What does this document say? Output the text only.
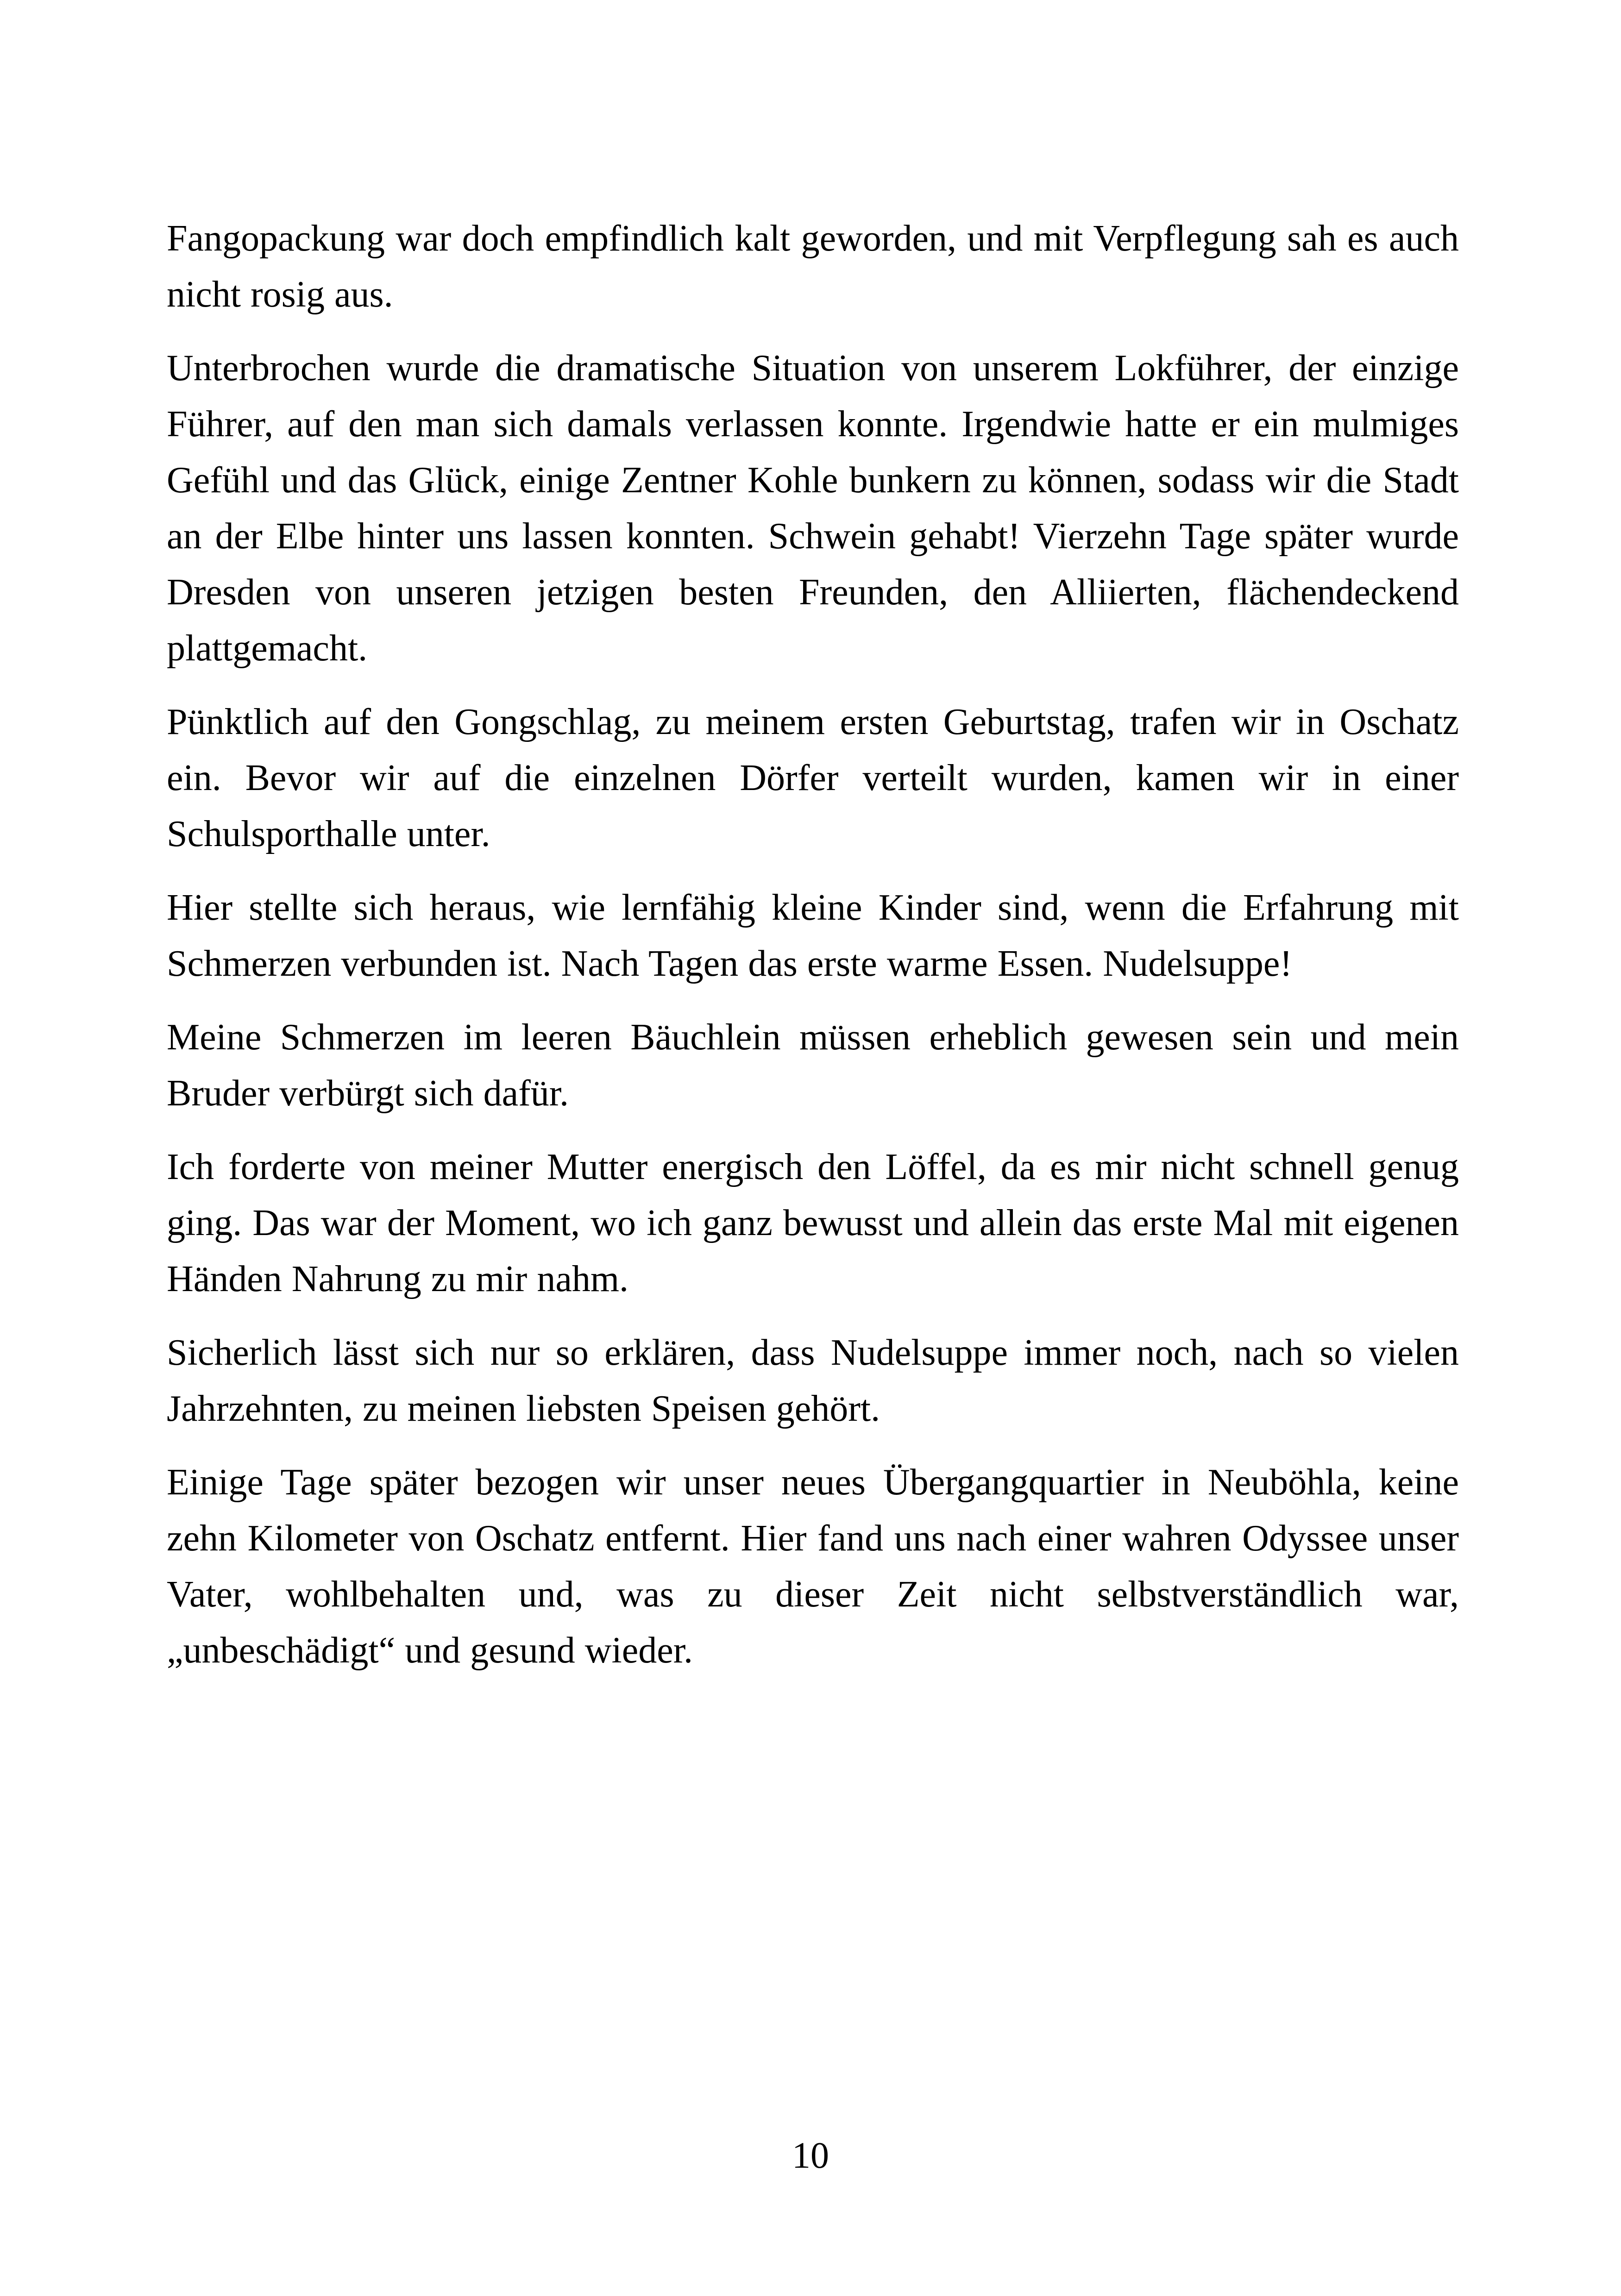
Fangopackung war doch empfindlich kalt geworden, und mit Verpflegung sah es auch nicht rosig aus.

Unterbrochen wurde die dramatische Situation von unserem Lokführer, der einzige Führer, auf den man sich damals verlassen konnte. Irgendwie hatte er ein mulmiges Gefühl und das Glück, einige Zentner Kohle bunkern zu können, sodass wir die Stadt an der Elbe hinter uns lassen konnten. Schwein gehabt! Vierzehn Tage später wurde Dresden von unseren jetzigen besten Freunden, den Alliierten, flächendeckend plattgemacht.

Pünktlich auf den Gongschlag, zu meinem ersten Geburtstag, trafen wir in Oschatz ein. Bevor wir auf die einzelnen Dörfer verteilt wurden, kamen wir in einer Schulsporthalle unter.

Hier stellte sich heraus, wie lernfähig kleine Kinder sind, wenn die Erfahrung mit Schmerzen verbunden ist. Nach Tagen das erste warme Essen. Nudelsuppe!

Meine Schmerzen im leeren Bäuchlein müssen erheblich gewesen sein und mein Bruder verbürgt sich dafür.

Ich forderte von meiner Mutter energisch den Löffel, da es mir nicht schnell genug ging. Das war der Moment, wo ich ganz bewusst und allein das erste Mal mit eigenen Händen Nahrung zu mir nahm.

Sicherlich lässt sich nur so erklären, dass Nudelsuppe immer noch, nach so vielen Jahrzehnten, zu meinen liebsten Speisen gehört.

Einige Tage später bezogen wir unser neues Übergangquartier in Neuböhla, keine zehn Kilometer von Oschatz entfernt. Hier fand uns nach einer wahren Odyssee unser Vater, wohlbehalten und, was zu dieser Zeit nicht selbstverständlich war, „unbeschädigt“ und gesund wieder.

10
